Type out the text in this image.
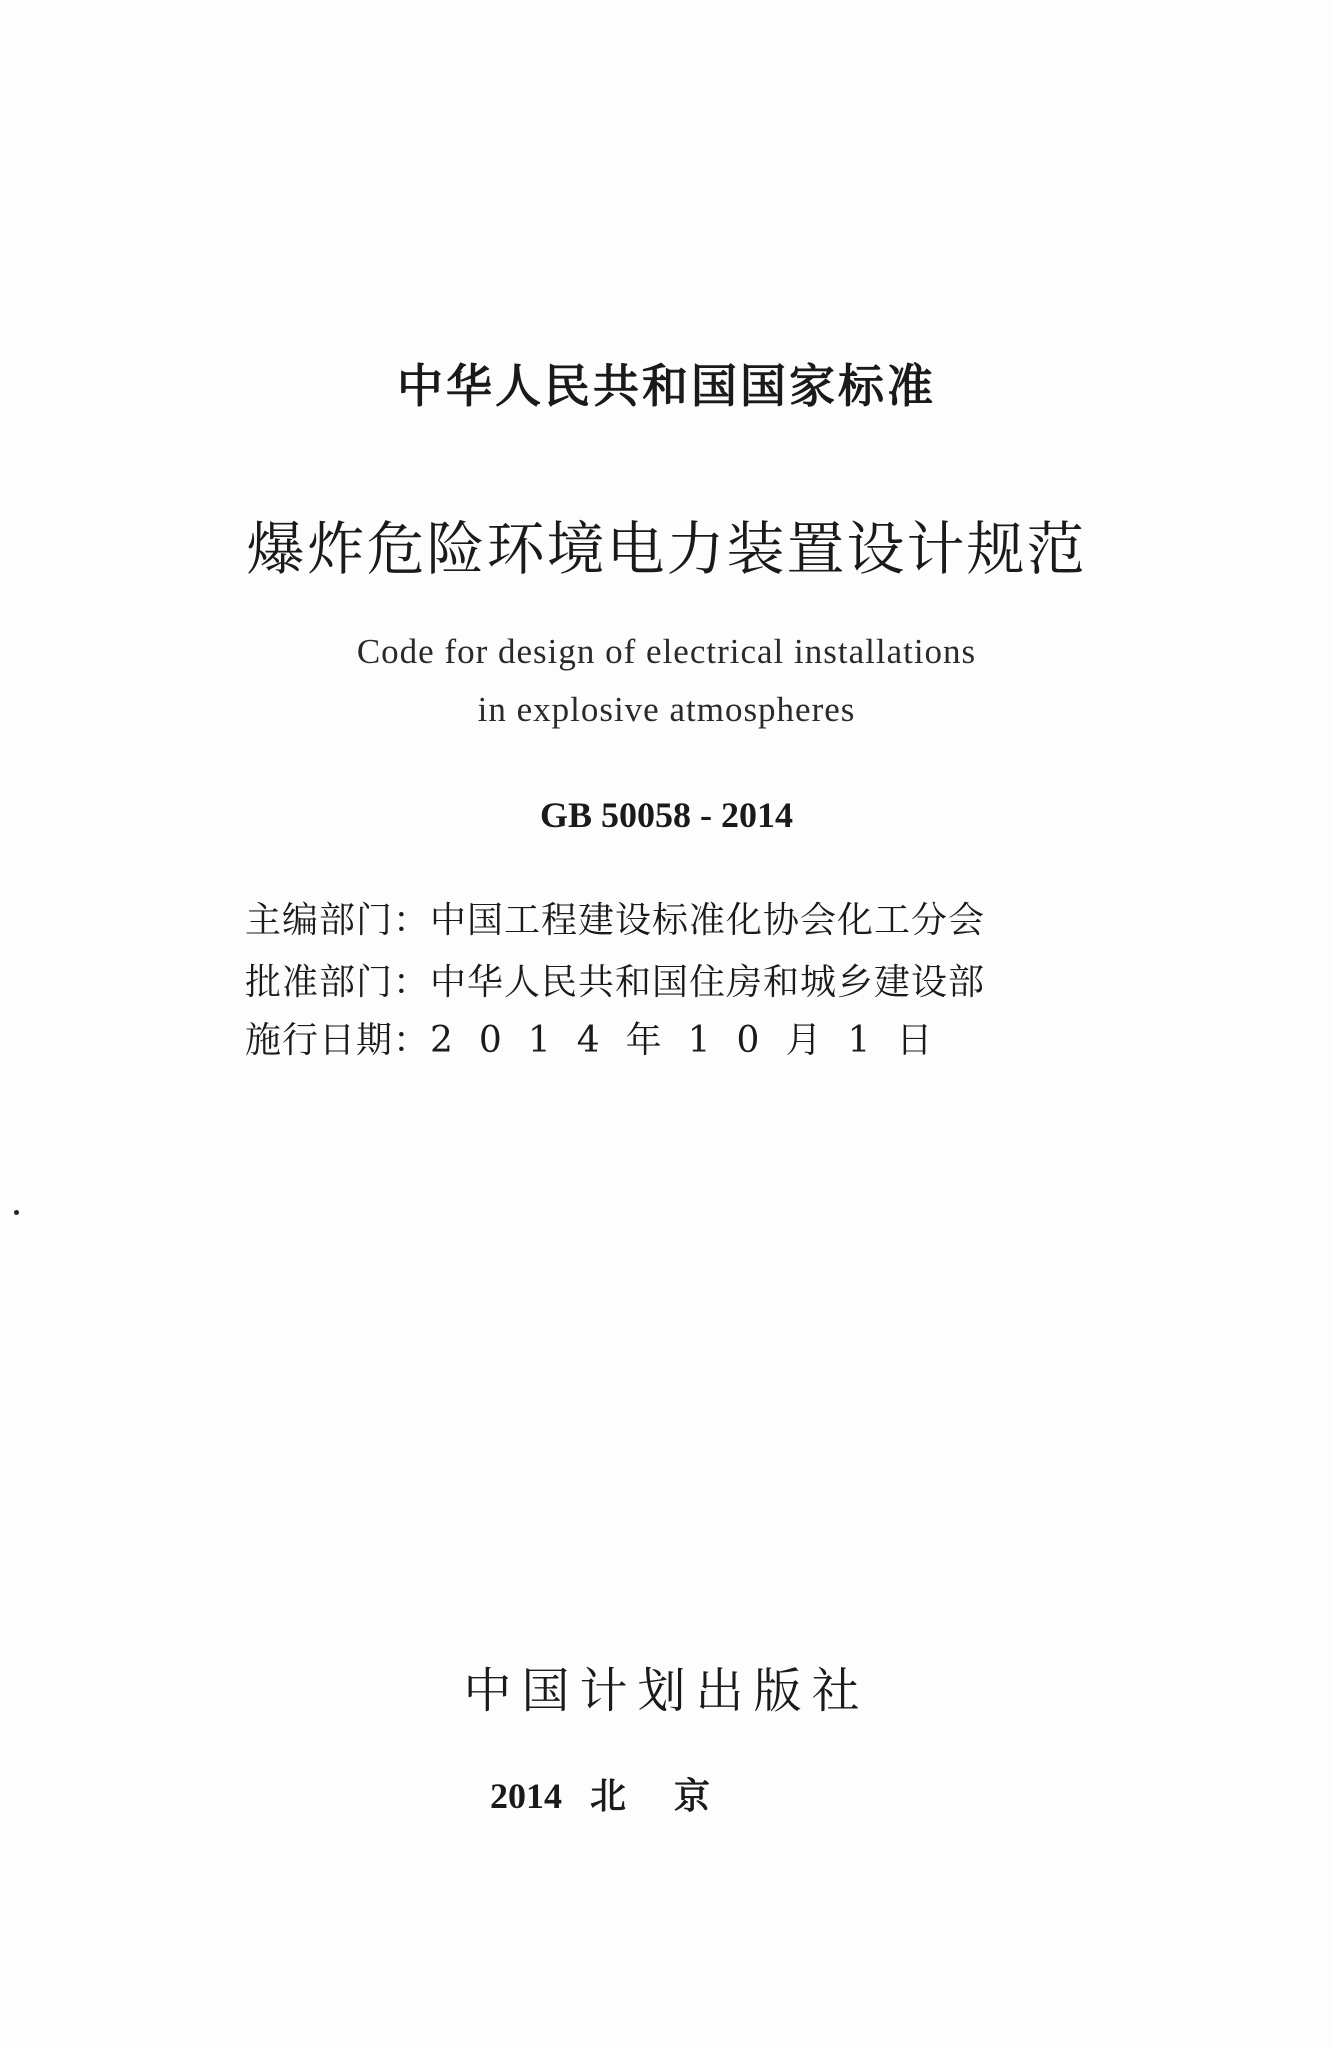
中华人民共和国国家标准
爆炸危险环境电力装置设计规范
Code for design of electrical installations
in explosive atmospheres
GB 50058 - 2014
主编部门：中国工程建设标准化协会化工分会
批准部门：中华人民共和国住房和城乡建设部
施行日期：2014年10月1日
中国计划出版社
2014 北京
